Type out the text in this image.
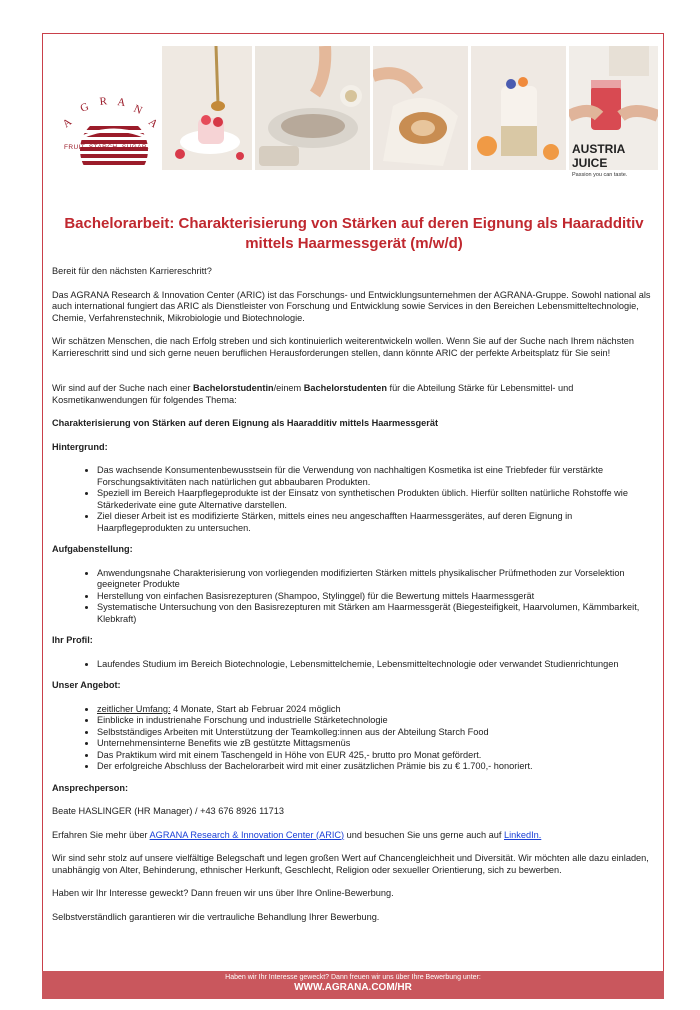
A
G R A
N
A
FRUIT. STARCH. SUGAR.	AUSTRIA
JUICE
Passion you can taste.
Bachelorarbeit: Charakterisierung von Stärken auf deren Eignung als Haaradditiv mittels Haarmessgerät (m/w/d)

Bereit für den nächsten Karriereschritt?

Das AGRANA Research & Innovation Center (ARIC) ist das Forschungs- und Entwicklungsunternehmen der AGRANA-Gruppe. Sowohl national als auch international fungiert das ARIC als Dienstleister von Forschung und Entwicklung sowie Services in den Bereichen Lebensmitteltechnologie, Chemie, Verfahrenstechnik, Mikrobiologie und Biotechnologie.

Wir schätzen Menschen, die nach Erfolg streben und sich kontinuierlich weiterentwickeln wollen. Wenn Sie auf der Suche nach Ihrem nächsten Karriereschritt sind und sich gerne neuen beruflichen Herausforderungen stellen, dann könnte ARIC der perfekte Arbeitsplatz für Sie sein!

Wir sind auf der Suche nach einer Bachelorstudentin/einem Bachelorstudenten für die Abteilung Stärke für Lebensmittel- und Kosmetikanwendungen für folgendes Thema:

Charakterisierung von Stärken auf deren Eignung als Haaradditiv mittels Haarmessgerät

Hintergrund:

• Das wachsende Konsumentenbewusstsein für die Verwendung von nachhaltigen Kosmetika ist eine Triebfeder für verstärkte Forschungsaktivitäten nach natürlichen gut abbaubaren Produkten.
• Speziell im Bereich Haarpflegeprodukte ist der Einsatz von synthetischen Produkten üblich. Hierfür sollten natürliche Rohstoffe wie Stärkederivate eine gute Alternative darstellen.
• Ziel dieser Arbeit ist es modifizierte Stärken, mittels eines neu angeschafften Haarmessgerätes, auf deren Eignung in Haarpflegeprodukten zu untersuchen.

Aufgabenstellung:

• Anwendungsnahe Charakterisierung von vorliegenden modifizierten Stärken mittels physikalischer Prüfmethoden zur Vorselektion geeigneter Produkte
• Herstellung von einfachen Basisrezepturen (Shampoo, Stylinggel) für die Bewertung mittels Haarmessgerät
• Systematische Untersuchung von den Basisrezepturen mit Stärken am Haarmessgerät (Biegesteifigkeit, Haarvolumen, Kämmbarkeit, Klebkraft)

Ihr Profil:

• Laufendes Studium im Bereich Biotechnologie, Lebensmittelchemie, Lebensmitteltechnologie oder verwandet Studienrichtungen

Unser Angebot:

• zeitlicher Umfang: 4 Monate, Start ab Februar 2024 möglich
• Einblicke in industrienahe Forschung und industrielle Stärketechnologie
• Selbstständiges Arbeiten mit Unterstützung der Teamkolleg:innen aus der Abteilung Starch Food
• Unternehmensinterne Benefits wie zB gestützte Mittagsmenüs
• Das Praktikum wird mit einem Taschengeld in Höhe von EUR 425,- brutto pro Monat gefördert.
• Der erfolgreiche Abschluss der Bachelorarbeit wird mit einer zusätzlichen Prämie bis zu € 1.700,- honoriert.

Ansprechperson:

Beate HASLINGER (HR Manager) / +43 676 8926 11713

Erfahren Sie mehr über AGRANA Research & Innovation Center (ARIC) und besuchen Sie uns gerne auch auf LinkedIn.

Wir sind sehr stolz auf unsere vielfältige Belegschaft und legen großen Wert auf Chancengleichheit und Diversität. Wir möchten alle dazu einladen, unabhängig von Alter, Behinderung, ethnischer Herkunft, Geschlecht, Religion oder sexueller Orientierung, sich zu bewerben.

Haben wir Ihr Interesse geweckt? Dann freuen wir uns über Ihre Online-Bewerbung.

Selbstverständlich garantieren wir die vertrauliche Behandlung Ihrer Bewerbung.

Haben wir Ihr Interesse geweckt? Dann freuen wir uns über Ihre Bewerbung unter:
WWW.AGRANA.COM/HR
